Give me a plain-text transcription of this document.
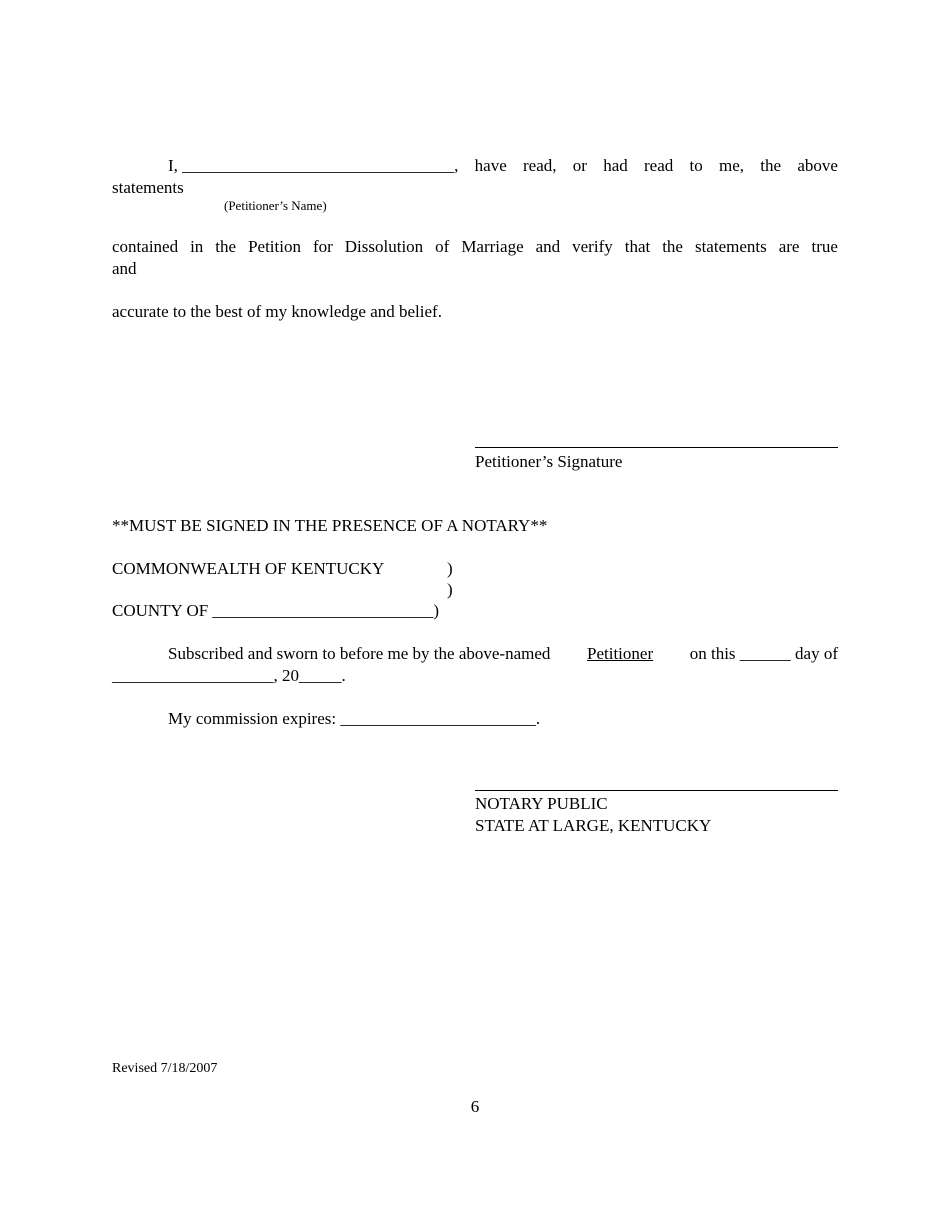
I, ________________________________, have read, or had read to me, the above
statements
(Petitioner’s Name)
contained in the Petition for Dissolution of Marriage and verify that the statements are true
and
accurate to the best of my knowledge and belief.
Petitioner’s Signature
**MUST BE SIGNED IN THE PRESENCE OF A NOTARY**
COMMONWEALTH OF KENTUCKY	)
)
COUNTY OF __________________________)
Subscribed and sworn to before me by the above-named Petitioner on this ______ day of
___________________, 20_____.
My commission expires: _______________________.
NOTARY PUBLIC
STATE AT LARGE, KENTUCKY
Revised 7/18/2007
6
